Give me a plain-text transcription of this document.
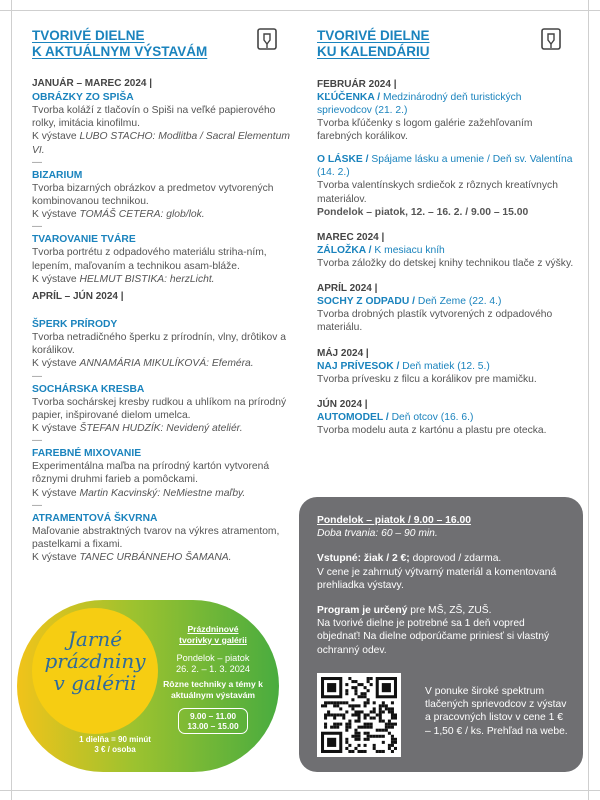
TVORIVÉ DIELNE
K AKTUÁLNYM VÝSTAVÁM
JANUÁR – MAREC 2024 |
OBRÁZKY ZO SPIŠA
Tvorba koláží z tlačovín o Spiši na veľké papierového rolky, imitácia kinofilmu.
K výstave LUBO STACHO: Modlitba / Sacral Elementum VI.
—
BIZARIUM
Tvorba bizarných obrázkov a predmetov vytvorených kombinovanou technikou.
K výstave TOMÁŠ CETERA: glob/lok.
—
TVAROVANIE TVÁRE
Tvorba portrétu z odpadového materiálu striha-ním, lepením, maľovaním a technikou asam-bláže.
K výstave HELMUT BISTIKA: herzLicht.
APRÍL – JÚN 2024 |
ŠPERK PRÍRODY
Tvorba netradičného šperku z prírodnín, vlny, drôtikov a korálikov.
K výstave ANNAMÁRIA MIKULÍKOVÁ: Efeméra.
—
SOCHÁRSKA KRESBA
Tvorba sochárskej kresby rudkou a uhlíkom na prírodný papier, inšpirované dielom umelca.
K výstave ŠTEFAN HUDZÍK: Nevidený ateliér.
—
FAREBNÉ MIXOVANIE
Experimentálna maľba na prírodný kartón vytvorená rôznymi druhmi farieb a pomôckami.
K výstave Martin Kacvinský: NeMiestne maľby.
—
ATRAMENTOVÁ ŠKVRNA
Maľovanie abstraktných tvarov na výkres atramentom, pastelkami a fixami.
K výstave TANEC URBÁNNEHO ŠAMANA.
TVORIVÉ DIELNE
KU KALENDÁRIU
FEBRUÁR 2024 |
KĽÚČENKA / Medzinárodný deň turistických sprievodcov (21. 2.)
Tvorba kľúčenky s logom galérie zažehľovaním farebných korálikov.
O LÁSKE / Spájame lásku a umenie / Deň sv. Valentína (14. 2.)
Tvorba valentínskych srdiečok z rôznych kreatívnych materiálov.
Pondelok – piatok, 12. – 16. 2. / 9.00 – 15.00
MAREC 2024 |
ZÁLOŽKA / K mesiacu kníh
Tvorba záložky do detskej knihy technikou tlače z výšky.
APRÍL 2024 |
SOCHY Z ODPADU / Deň Zeme (22. 4.)
Tvorba drobných plastík vytvorených z odpadového materiálu.
MÁJ 2024 |
NAJ PRÍVESOK / Deň matiek (12. 5.)
Tvorba prívesku z filcu a korálikov pre mamičku.
JÚN 2024 |
AUTOMODEL / Deň otcov (16. 6.)
Tvorba modelu auta z kartónu a plastu pre otecka.
Pondelok – piatok / 9.00 – 16.00
Doba trvania: 60 – 90 min.
Vstupné: žiak / 2 €; doprovod / zdarma.
V cene je zahrnutý výtvarný materiál a komentovaná prehliadka výstavy.
Program je určený pre MŠ, ZŠ, ZUŠ.
Na tvorivé dielne je potrebné sa 1 deň vopred objednať! Na dielne odporúčame priniesť si vlastný ochranný odev.
V ponuke široké spektrum tlačených sprievodcov z výstav a pracovných listov v cene 1 € – 1,50 € / ks. Prehľad na webe.
Jarné
prázdniny
v galérii
Prázdninové
tvorivky v galérii
Pondelok – piatok
26. 2. – 1. 3. 2024
Rôzne techniky a témy k aktuálnym výstavám
9.00 – 11.00
13.00 – 15.00
1 dielňa = 90 minút
3 € / osoba
